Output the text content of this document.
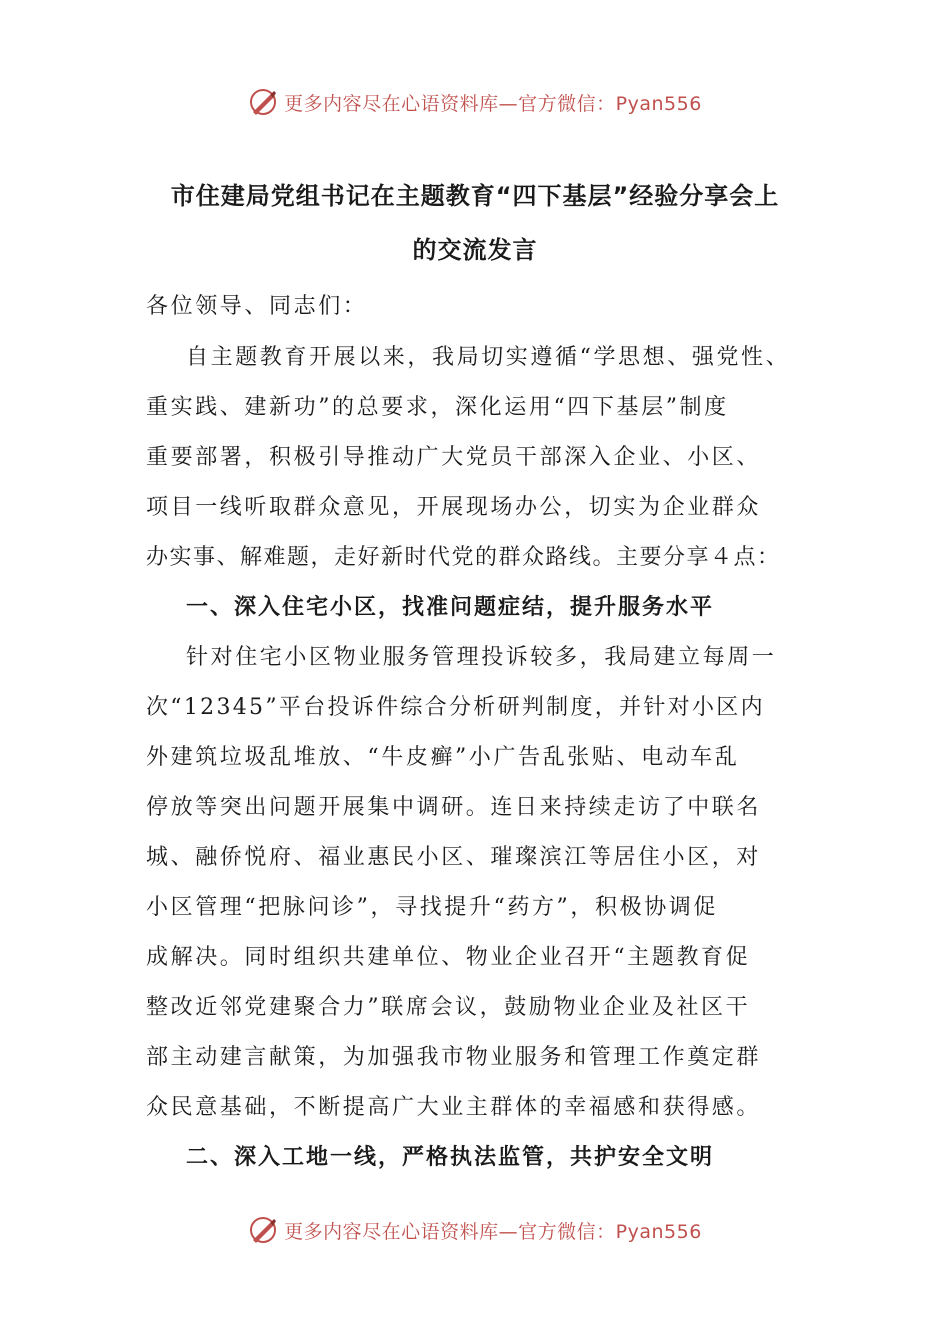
更多内容尽在心语资料库—官方微信：Pyan556
市住建局党组书记在主题教育“四下基层”经验分享会上
的交流发言
各位领导、同志们：
自主题教育开展以来，我局切实遵循“学思想、强党性、
重实践、建新功”的总要求，深化运用“四下基层”制度
重要部署，积极引导推动广大党员干部深入企业、小区、
项目一线听取群众意见，开展现场办公，切实为企业群众
办实事、解难题，走好新时代党的群众路线。主要分享４点：
一、深入住宅小区，找准问题症结，提升服务水平
针对住宅小区物业服务管理投诉较多，我局建立每周一
次“12345”平台投诉件综合分析研判制度，并针对小区内
外建筑垃圾乱堆放、“牛皮癣”小广告乱张贴、电动车乱
停放等突出问题开展集中调研。连日来持续走访了中联名
城、融侨悦府、福业惠民小区、璀璨滨江等居住小区，对
小区管理“把脉问诊”，寻找提升“药方”，积极协调促
成解决。同时组织共建单位、物业企业召开“主题教育促
整改近邻党建聚合力”联席会议，鼓励物业企业及社区干
部主动建言献策，为加强我市物业服务和管理工作奠定群
众民意基础，不断提高广大业主群体的幸福感和获得感。
二、深入工地一线，严格执法监管，共护安全文明
更多内容尽在心语资料库—官方微信：Pyan556
